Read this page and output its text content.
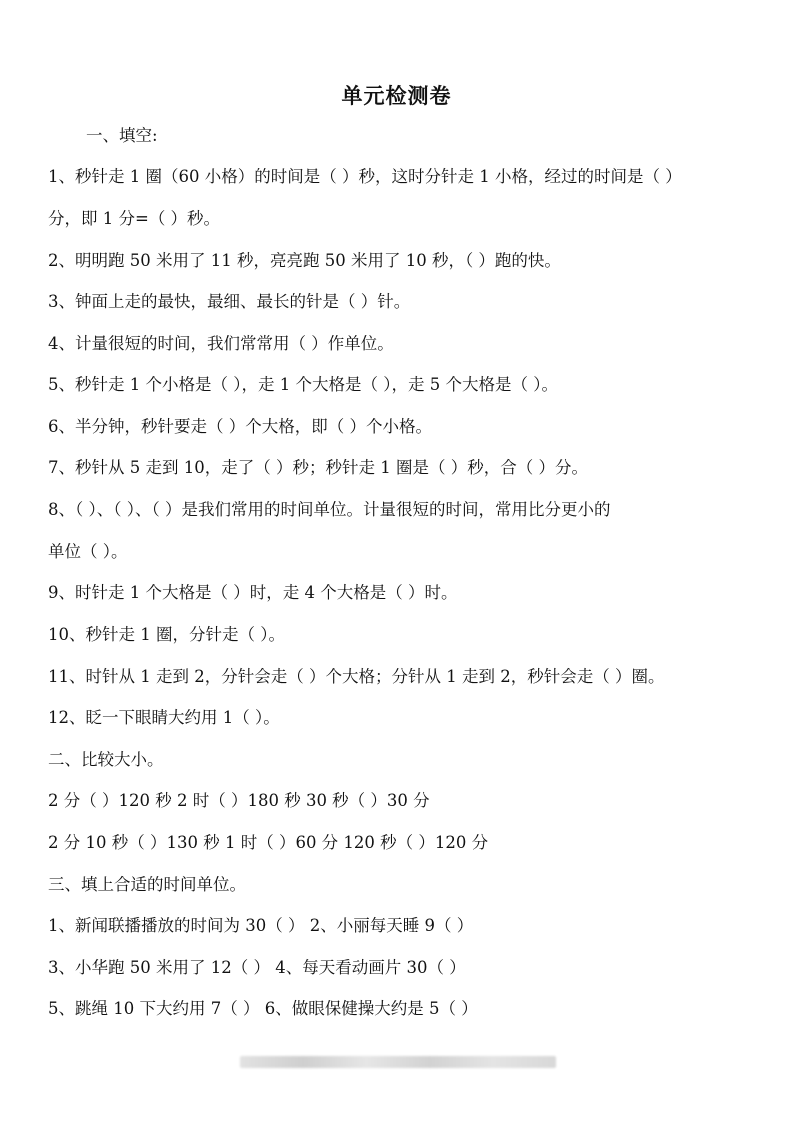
单元检测卷
一、填空:
1、秒针走 1 圈（60 小格）的时间是（ ）秒，这时分针走 1 小格，经过的时间是（ ）
分，即 1 分=（ ）秒。
2、明明跑 50 米用了 11 秒，亮亮跑 50 米用了 10 秒，（ ）跑的快。
3、钟面上走的最快，最细、最长的针是（ ）针。
4、计量很短的时间，我们常常用（ ）作单位。
5、秒针走 1 个小格是（ ），走 1 个大格是（ ），走 5 个大格是（ ）。
6、半分钟，秒针要走（ ）个大格，即（ ）个小格。
7、秒针从 5 走到 10，走了（ ）秒；秒针走 1 圈是（ ）秒，合（ ）分。
8、（ ）、（ ）、（ ）是我们常用的时间单位。计量很短的时间，常用比分更小的
单位（ ）。
9、时针走 1 个大格是（ ）时，走 4 个大格是（ ）时。
10、秒针走 1 圈，分针走（ ）。
11、时针从 1 走到 2，分针会走（ ）个大格；分针从 1 走到 2，秒针会走（ ）圈。
12、眨一下眼睛大约用 1（ ）。
二、比较大小。
2 分（ ）120 秒 2 时（ ）180 秒 30 秒（ ）30 分
2 分 10 秒（ ）130 秒 1 时（ ）60 分 120 秒（ ）120 分
三、填上合适的时间单位。
1、新闻联播播放的时间为 30（ ） 2、小丽每天睡 9（ ）
3、小华跑 50 米用了 12（ ） 4、每天看动画片 30（ ）
5、跳绳 10 下大约用 7（ ） 6、做眼保健操大约是 5（ ）
